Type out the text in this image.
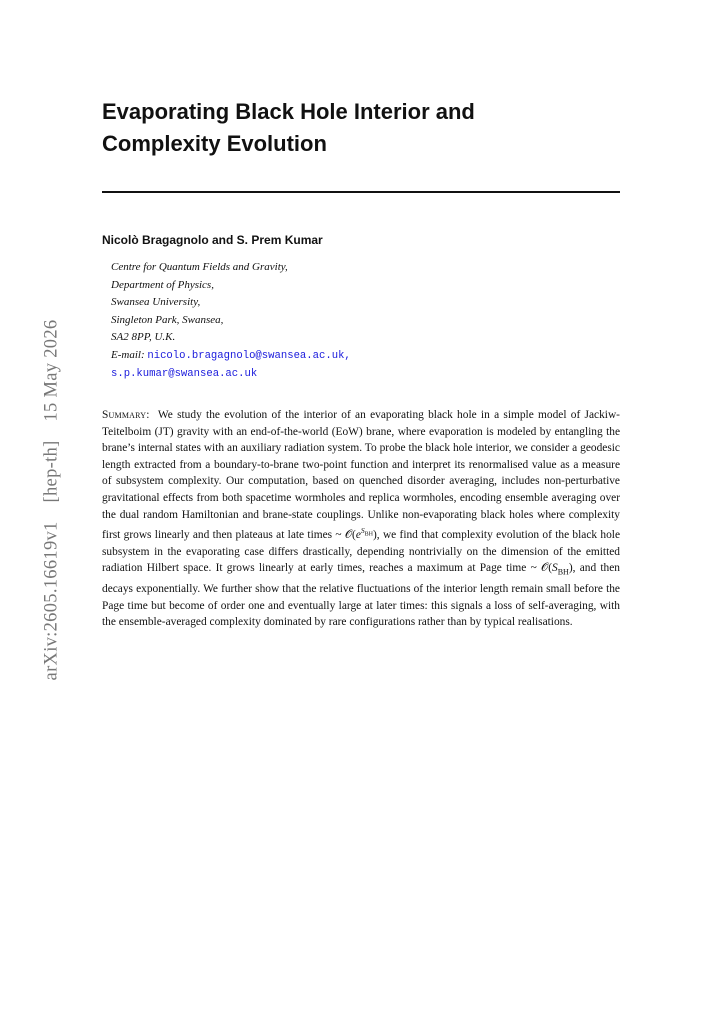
arXiv:2605.16619v1 [hep-th] 15 May 2026
Evaporating Black Hole Interior and
Complexity Evolution
Nicolò Bragagnolo and S. Prem Kumar
Centre for Quantum Fields and Gravity,
Department of Physics,
Swansea University,
Singleton Park, Swansea,
SA2 8PP, U.K.
E-mail: nicolo.bragagnolo@swansea.ac.uk,
s.p.kumar@swansea.ac.uk
Summary: We study the evolution of the interior of an evaporating black hole in a simple model of Jackiw-Teitelboim (JT) gravity with an end-of-the-world (EoW) brane, where evaporation is modeled by entangling the brane’s internal states with an auxiliary radiation system. To probe the black hole interior, we consider a geodesic length extracted from a boundary-to-brane two-point function and interpret its renormalised value as a measure of subsystem complexity. Our computation, based on quenched disorder averaging, includes non-perturbative gravitational effects from both spacetime wormholes and replica wormholes, encoding ensemble averaging over the dual random Hamiltonian and brane-state couplings. Unlike non-evaporating black holes where complexity first grows linearly and then plateaus at late times ~ $𝒪(e^{S_{BH}})$, we find that complexity evolution of the black hole subsystem in the evaporating case differs drastically, depending nontrivially on the dimension of the emitted radiation Hilbert space. It grows linearly at early times, reaches a maximum at Page time ~ $𝒪(S_{BH})$, and then decays exponentially. We further show that the relative fluctuations of the interior length remain small before the Page time but become of order one and eventually large at later times: this signals a loss of self-averaging, with the ensemble-averaged complexity dominated by rare configurations rather than by typical realisations.
